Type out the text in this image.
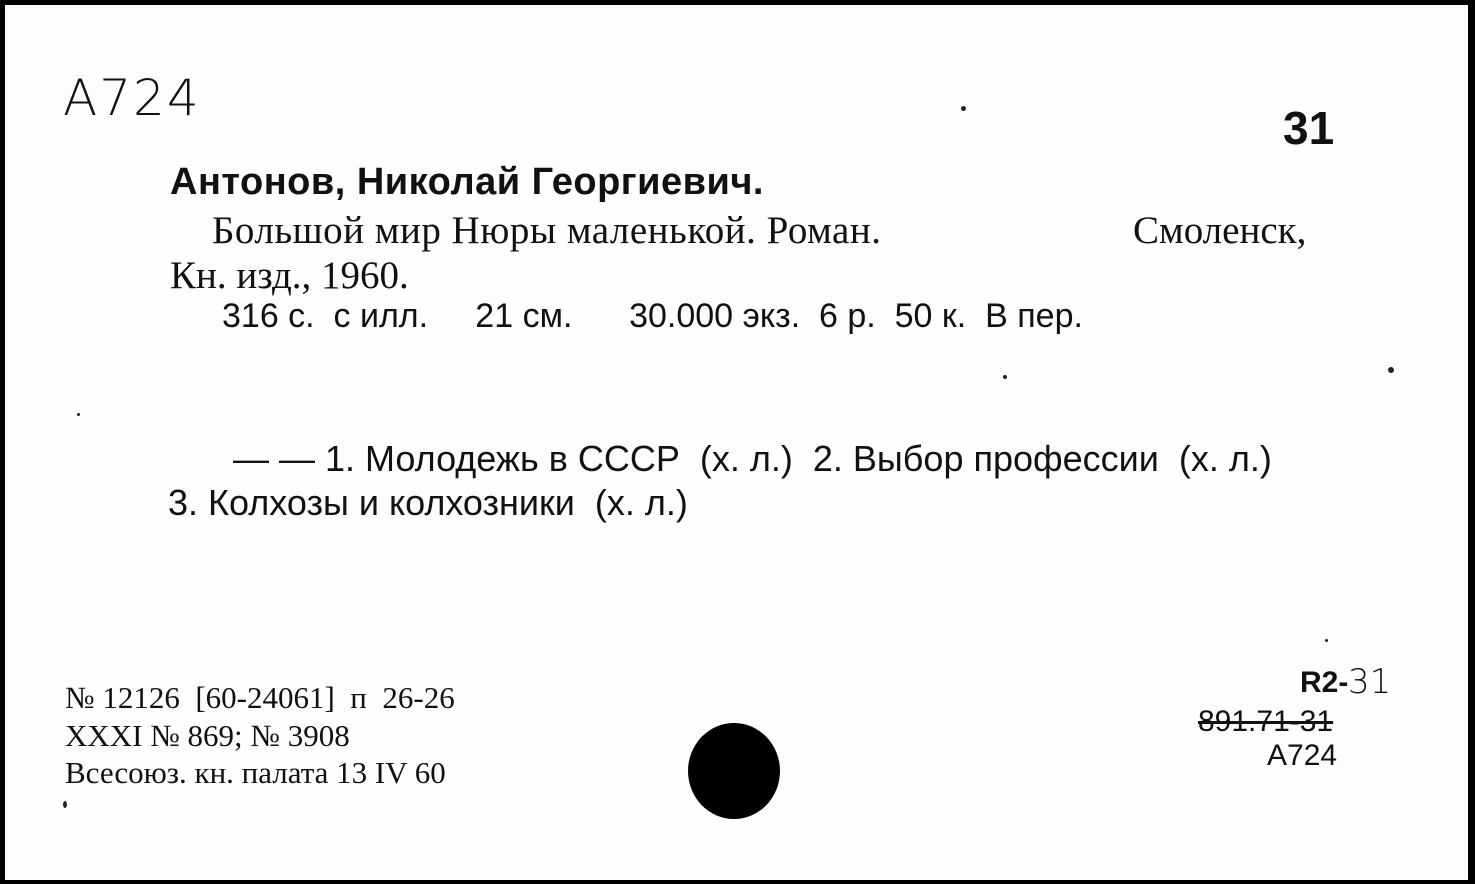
A724
31
Антонов, Николай Георгиевич.
Большой мир Нюры маленькой. Роман.	Смоленск,
Кн. изд., 1960.
316 с.  с илл.     21 см.      30.000 экз.  6 р.  50 к.  В пер.
— — 1. Молодежь в СССР  (х. л.)  2. Выбор профессии  (х. л.)
3. Колхозы и колхозники  (х. л.)
№ 12126  [60-24061]  п  26-26
XXXI № 869; № 3908
Всесоюз. кн. палата 13 IV 60
R2- 31
891.71-31
A724
